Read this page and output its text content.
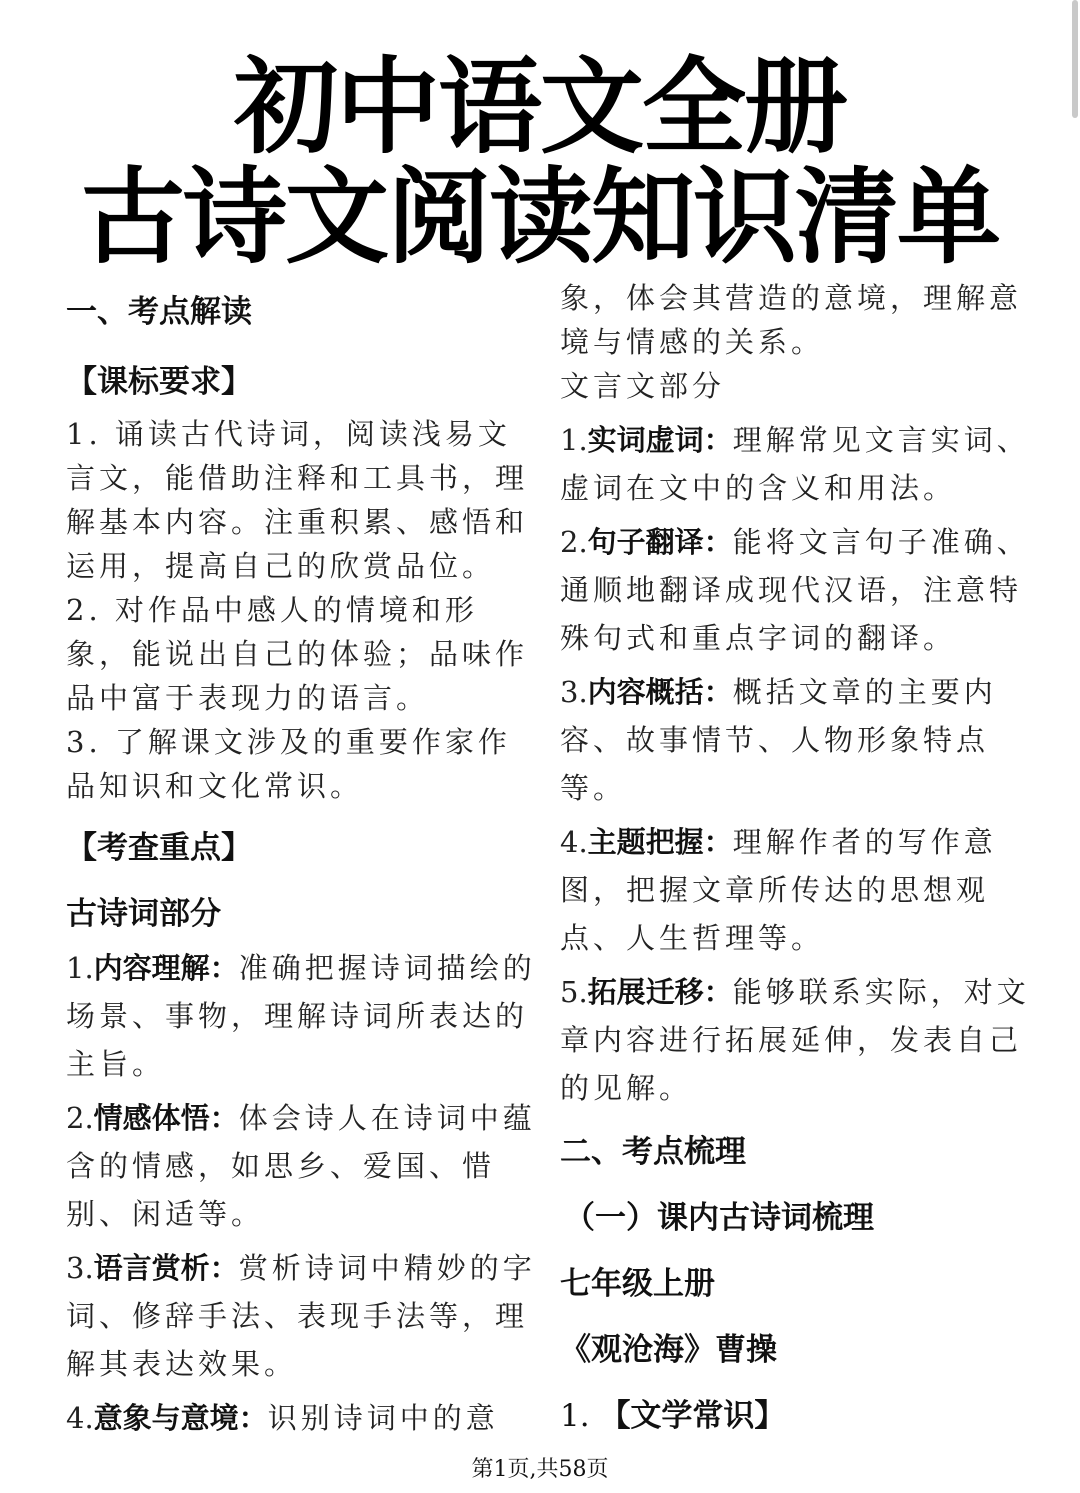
初中语文全册
古诗文阅读知识清单
一、考点解读
【课标要求】
1. 诵读古代诗词，阅读浅易文言文，能借助注释和工具书，理解基本内容。注重积累、感悟和运用，提高自己的欣赏品位。
2. 对作品中感人的情境和形象，能说出自己的体验；品味作品中富于表现力的语言。
3. 了解课文涉及的重要作家作品知识和文化常识。
【考查重点】
古诗词部分
1.内容理解：准确把握诗词描绘的场景、事物，理解诗词所表达的主旨。
2.情感体悟：体会诗人在诗词中蕴含的情感，如思乡、爱国、惜别、闲适等。
3.语言赏析：赏析诗词中精妙的字词、修辞手法、表现手法等，理解其表达效果。
4.意象与意境：识别诗词中的意
象，体会其营造的意境，理解意境与情感的关系。
文言文部分
1.实词虚词：理解常见文言实词、虚词在文中的含义和用法。
2.句子翻译：能将文言句子准确、通顺地翻译成现代汉语，注意特殊句式和重点字词的翻译。
3.内容概括：概括文章的主要内容、故事情节、人物形象特点等。
4.主题把握：理解作者的写作意图，把握文章所传达的思想观点、人生哲理等。
5.拓展迁移：能够联系实际，对文章内容进行拓展延伸，发表自己的见解。
二、考点梳理
（一）课内古诗词梳理
七年级上册
《观沧海》曹操
1. 【文学常识】
第1页,共58页
